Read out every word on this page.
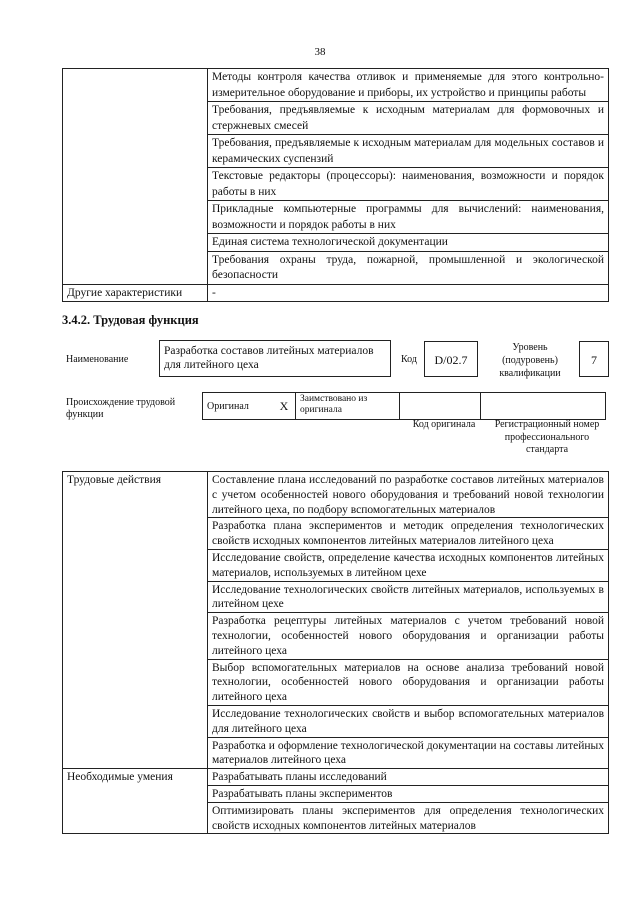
38
	Методы контроля качества отливок и применяемые для этого контрольно-измерительное оборудование и приборы, их устройство и принципы работы
	Требования, предъявляемые к исходным материалам для формовочных и стержневых смесей
	Требования, предъявляемые к исходным материалам для модельных составов и керамических суспензий
	Текстовые редакторы (процессоры): наименования, возможности и порядок работы в них
	Прикладные компьютерные программы для вычислений: наименования, возможности и порядок работы в них
	Единая система технологической документации
	Требования охраны труда, пожарной, промышленной и экологической безопасности
Другие характеристики	-
3.4.2. Трудовая функция
Наименование
Разработка составов литейных материалов для литейного цеха	Код	D/02.7
Уровень (подуровень) квалификации
7
Происхождение трудовой функции
Оригинал	X	Заимствовано из оригинала		
Код оригинала	Регистрационный номер профессионального стандарта
Трудовые действия	Составление плана исследований по разработке составов литейных материалов с учетом особенностей нового оборудования и требований новой технологии литейного цеха, по подбору вспомогательных материалов
	Разработка плана экспериментов и методик определения технологических свойств исходных компонентов литейных материалов литейного цеха
	Исследование свойств, определение качества исходных компонентов литейных материалов, используемых в литейном цехе
	Исследование технологических свойств литейных материалов, используемых в литейном цехе
	Разработка рецептуры литейных материалов с учетом требований новой технологии, особенностей нового оборудования и организации работы литейного цеха
	Выбор вспомогательных материалов на основе анализа требований новой технологии, особенностей нового оборудования и организации работы литейного цеха
	Исследование технологических свойств и выбор вспомогательных материалов для литейного цеха
	Разработка и оформление технологической документации на составы литейных материалов литейного цеха
Необходимые умения	Разрабатывать планы исследований
	Разрабатывать планы экспериментов
	Оптимизировать планы экспериментов для определения технологических свойств исходных компонентов литейных материалов
